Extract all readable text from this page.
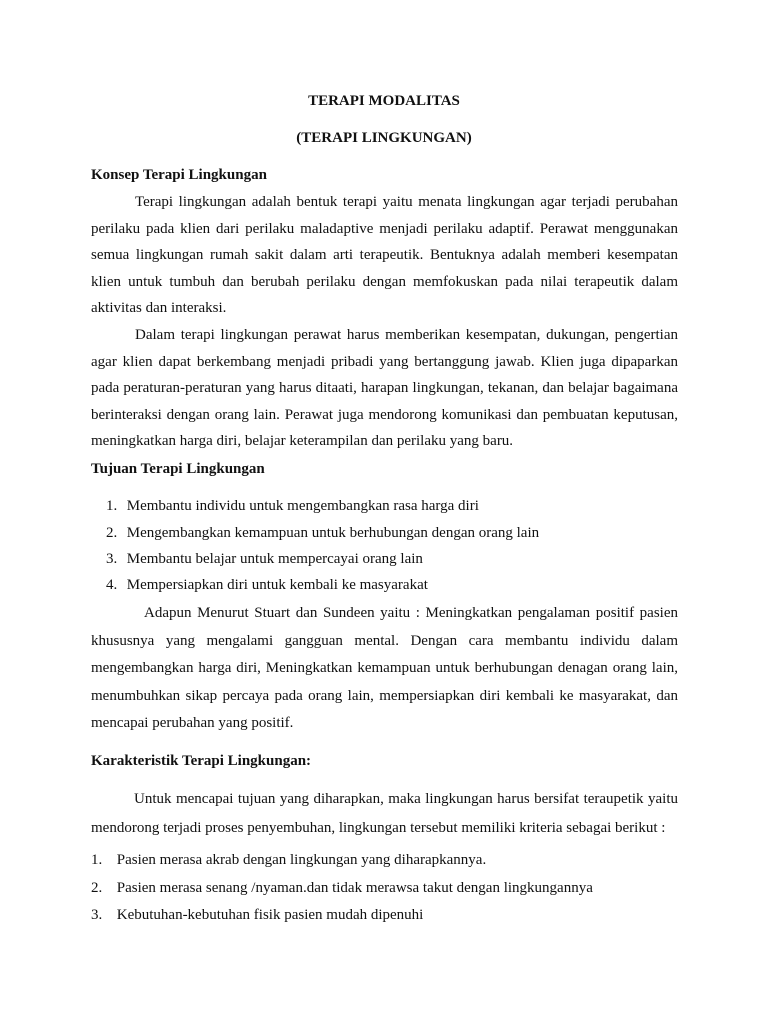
TERAPI MODALITAS
(TERAPI LINGKUNGAN)
Konsep Terapi Lingkungan
Terapi lingkungan adalah bentuk terapi yaitu menata lingkungan agar terjadi perubahan perilaku pada klien dari perilaku maladaptive menjadi perilaku adaptif. Perawat menggunakan semua lingkungan rumah sakit dalam arti terapeutik. Bentuknya adalah memberi kesempatan klien untuk tumbuh dan berubah perilaku dengan memfokuskan pada nilai terapeutik dalam aktivitas dan interaksi.
Dalam terapi lingkungan perawat harus memberikan kesempatan, dukungan, pengertian agar klien dapat berkembang menjadi pribadi yang bertanggung jawab. Klien juga dipaparkan pada peraturan-peraturan yang harus ditaati, harapan lingkungan, tekanan, dan belajar bagaimana berinteraksi dengan orang lain. Perawat juga mendorong komunikasi dan pembuatan keputusan, meningkatkan harga diri, belajar keterampilan dan perilaku yang baru.
Tujuan Terapi Lingkungan
1. Membantu individu untuk mengembangkan rasa harga diri
2. Mengembangkan kemampuan untuk berhubungan dengan orang lain
3. Membantu belajar untuk mempercayai orang lain
4. Mempersiapkan diri untuk kembali ke masyarakat
Adapun Menurut Stuart dan Sundeen yaitu : Meningkatkan pengalaman positif pasien khususnya yang mengalami gangguan mental. Dengan cara membantu individu dalam mengembangkan harga diri, Meningkatkan kemampuan untuk berhubungan denagan orang lain, menumbuhkan sikap percaya pada orang lain, mempersiapkan diri kembali ke masyarakat, dan mencapai perubahan yang positif.
Karakteristik Terapi Lingkungan:
Untuk mencapai tujuan yang diharapkan, maka lingkungan harus bersifat teraupetik yaitu mendorong terjadi proses penyembuhan, lingkungan tersebut memiliki kriteria sebagai berikut :
1. Pasien merasa akrab dengan lingkungan yang diharapkannya.
2. Pasien merasa senang /nyaman.dan tidak merawsa takut dengan lingkungannya
3. Kebutuhan-kebutuhan fisik pasien mudah dipenuhi
